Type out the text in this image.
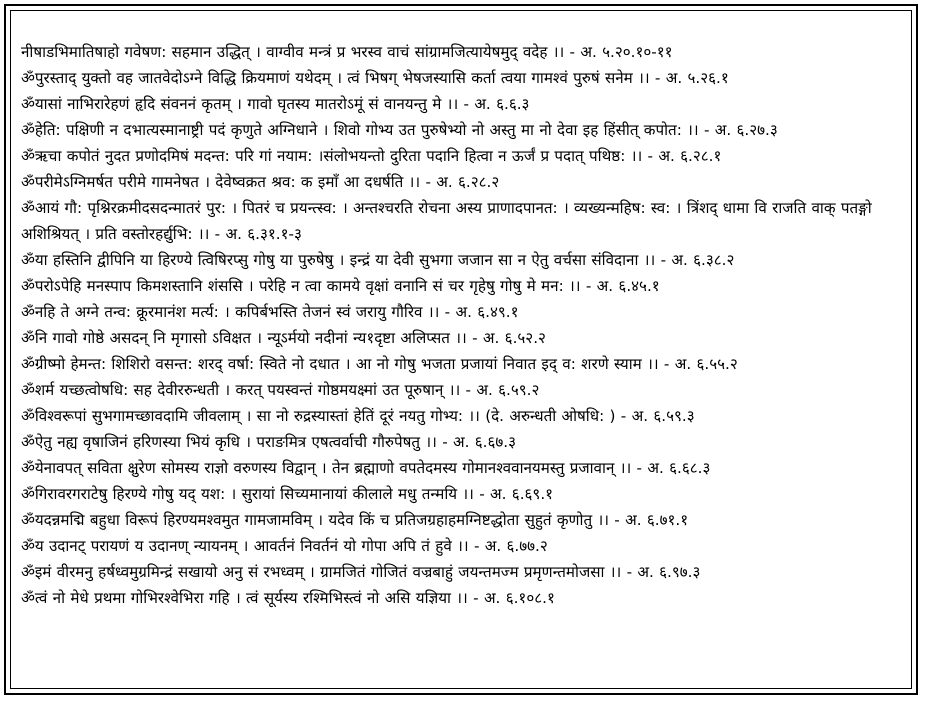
नीषाडभिमातिषाहो गवेषण: सहमान उद्धित् । वाग्वीव मन्त्रं प्र भरस्व वाचं सांग्रामजित्यायेषमुद् वदेह ।। - अ. ५.२०.१०-११
ॐपुरस्ताद् युक्तो वह जातवेदोऽग्ने विद्धि क्रियमाणं यथेदम् । त्वं भिषग् भेषजस्यासि कर्ता त्वया गामश्वं पुरुषं सनेम ।। - अ. ५.२६.१
ॐयासां नाभिरारेहणं हृदि संवननं कृतम् । गावो घृतस्य मातरोऽमूं सं वानयन्तु मे ।। - अ. ६.६.३
ॐहेति: पक्षिणी न दभात्यस्मानाष्ट्री पदं कृणुते अग्निधाने । शिवो गोभ्य उत पुरुषेभ्यो नो अस्तु मा नो देवा इह हिंसीत् कपोत: ।। - अ. ६.२७.३
ॐऋचा कपोतं नुदत प्रणोदमिषं मदन्त: परि गां नयाम: ।संलोभयन्तो दुरिता पदानि हित्वा न ऊर्जं प्र पदात् पथिष्ठ: ।। - अ. ६.२८.१
ॐपरीमेऽग्निमर्षत परीमे गामनेषत । देवेष्वक्रत श्रव: क इमाँ आ दधर्षति ।। - अ. ६.२८.२
ॐआयं गौ: पृश्निरक्रमीदसदन्मातरं पुर: । पितरं च प्रयन्त्स्व: । अन्तश्चरति रोचना अस्य प्राणादपानत: । व्यख्यन्महिष: स्व: । त्रिंशद् धामा वि राजति वाक् पतङ्गो अशिश्रियत् । प्रति वस्तोरहर्द्युभि: ।। - अ. ६.३१.१-३
ॐया हस्तिनि द्वीपिनि या हिरण्ये त्विषिरप्सु गोषु या पुरुषेषु । इन्द्रं या देवी सुभगा जजान सा न ऐतु वर्चसा संविदाना ।। - अ. ६.३८.२
ॐपरोऽपेहि मनस्पाप किमशस्तानि शंससि । परेहि न त्वा कामये वृक्षां वनानि सं चर गृहेषु गोषु मे मन: ।। - अ. ६.४५.१
ॐनहि ते अग्ने तन्व: क्रूरमानंश मर्त्य: । कपिर्बभस्ति तेजनं स्वं जरायु गौरिव ।। - अ. ६.४९.१
ॐनि गावो गोष्ठे असदन् नि मृगासो ऽविक्षत । न्यूऽर्मयो नदीनां न्य१दृष्टा अलिप्सत ।। - अ. ६.५२.२
ॐग्रीष्मो हेमन्त: शिशिरो वसन्त: शरद् वर्षा: स्विते नो दधात । आ नो गोषु भजता प्रजायां निवात इद् व: शरणे स्याम ।। - अ. ६.५५.२
ॐशर्म यच्छत्वोषधि: सह देवीररुन्धती । करत् पयस्वन्तं गोष्ठमयक्ष्मां उत पूरुषान् ।। - अ. ६.५९.२
ॐविश्वरूपां सुभगामच्छावदामि जीवलाम् । सा नो रुद्रस्यास्तां हेतिं दूरं नयतु गोभ्य: ।। (दे. अरुन्धती ओषधि: ) - अ. ६.५९.३
ॐऐतु नह्य वृषाजिनं हरिणस्या भियं कृधि । पराङमित्र एषत्वर्वाची गौरुपेषतु ।। - अ. ६.६७.३
ॐयेनावपत् सविता क्षुरेण सोमस्य राज्ञो वरुणस्य विद्वान् । तेन ब्रह्माणो वपतेदमस्य गोमानश्ववानयमस्तु प्रजावान् ।। - अ. ६.६८.३
ॐगिरावरगराटेषु हिरण्ये गोषु यद् यश: । सुरायां सिच्यमानायां कीलाले मधु तन्मयि ।। - अ. ६.६९.१
ॐयदन्नमद्मि बहुधा विरूपं हिरण्यमश्वमुत गामजामविम् । यदेव किं च प्रतिजग्रहाहमग्निष्टद्धोता सुहुतं कृणोतु ।। - अ. ६.७१.१
ॐय उदानट् परायणं य उदानण् न्यायनम् । आवर्तनं निवर्तनं यो गोपा अपि तं हुवे ।। - अ. ६.७७.२
ॐइमं वीरमनु हर्षध्वमुग्रमिन्द्रं सखायो अनु सं रभध्वम् । ग्रामजितं गोजितं वज्रबाहुं जयन्तमज्म प्रमृणन्तमोजसा ।। - अ. ६.९७.३
ॐत्वं नो मेधे प्रथमा गोभिरश्वेभिरा गहि । त्वं सूर्यस्य रश्मिभिस्त्वं नो असि यज्ञिया ।। - अ. ६.१०८.१
